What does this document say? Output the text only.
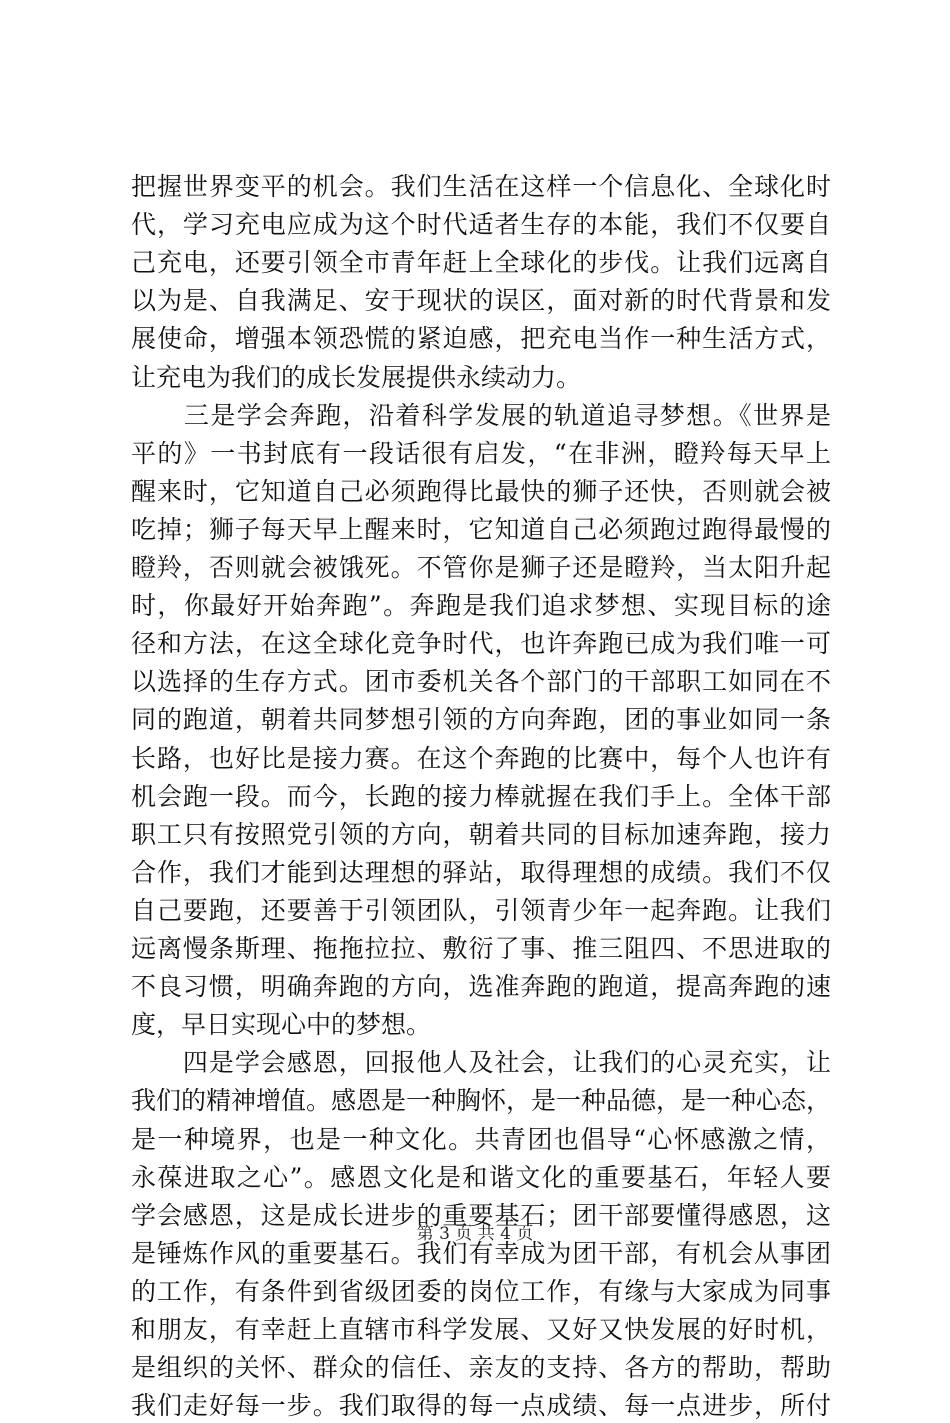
把握世界变平的机会。我们生活在这样一个信息化、全球化时
代，学习充电应成为这个时代适者生存的本能，我们不仅要自
己充电，还要引领全市青年赶上全球化的步伐。让我们远离自
以为是、自我满足、安于现状的误区，面对新的时代背景和发
展使命，增强本领恐慌的紧迫感，把充电当作一种生活方式，
让充电为我们的成长发展提供永续动力。
　　三是学会奔跑，沿着科学发展的轨道追寻梦想。《世界是
平的》一书封底有一段话很有启发，“在非洲，瞪羚每天早上
醒来时，它知道自己必须跑得比最快的狮子还快，否则就会被
吃掉；狮子每天早上醒来时，它知道自己必须跑过跑得最慢的
瞪羚，否则就会被饿死。不管你是狮子还是瞪羚，当太阳升起
时，你最好开始奔跑”。奔跑是我们追求梦想、实现目标的途
径和方法，在这全球化竞争时代，也许奔跑已成为我们唯一可
以选择的生存方式。团市委机关各个部门的干部职工如同在不
同的跑道，朝着共同梦想引领的方向奔跑，团的事业如同一条
长路，也好比是接力赛。在这个奔跑的比赛中，每个人也许有
机会跑一段。而今，长跑的接力棒就握在我们手上。全体干部
职工只有按照党引领的方向，朝着共同的目标加速奔跑，接力
合作，我们才能到达理想的驿站，取得理想的成绩。我们不仅
自己要跑，还要善于引领团队，引领青少年一起奔跑。让我们
远离慢条斯理、拖拖拉拉、敷衍了事、推三阻四、不思进取的
不良习惯，明确奔跑的方向，选准奔跑的跑道，提高奔跑的速
度，早日实现心中的梦想。
　　四是学会感恩，回报他人及社会，让我们的心灵充实，让
我们的精神增值。感恩是一种胸怀，是一种品德，是一种心态，
是一种境界，也是一种文化。共青团也倡导“心怀感激之情，
永葆进取之心”。感恩文化是和谐文化的重要基石，年轻人要
学会感恩，这是成长进步的重要基石；团干部要懂得感恩，这
是锤炼作风的重要基石。我们有幸成为团干部，有机会从事团
的工作，有条件到省级团委的岗位工作，有缘与大家成为同事
和朋友，有幸赶上直辖市科学发展、又好又快发展的好时机，
是组织的关怀、群众的信任、亲友的支持、各方的帮助，帮助
我们走好每一步。我们取得的每一点成绩、每一点进步，所付
第 3 页 共 4 页
